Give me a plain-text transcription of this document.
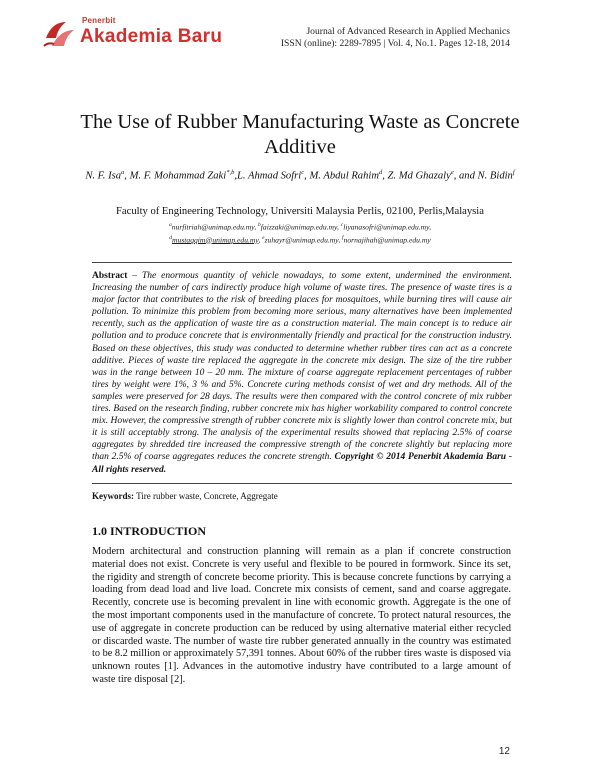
Penerbit
Akademia Baru	Journal of Advanced Research in Applied Mechanics
ISSN (online): 2289-7895 | Vol. 4, No.1. Pages 12-18, 2014
The Use of Rubber Manufacturing Waste as Concrete Additive
N. F. Isa$^a$, M. F. Mohammad Zaki$^{*,b}$,L. Ahmad Sofri$^c$, M. Abdul Rahim$^d$, Z. Md Ghazaly$^e$, and N. Bidin$^f$
Faculty of Engineering Technology, Universiti Malaysia Perlis, 02100, Perlis,Malaysia
$^a$nurfitriah@unimap.edu.my, $^b$faizzaki@unimap.edu.my, $^c$liyanasofri@unimap.edu.my,
$^d$mustaqqim@unimap.edu.my, $^e$zuhayr@unimap.edu.my, $^f$nornajihah@unimap.edu.my
Abstract – The enormous quantity of vehicle nowadays, to some extent, undermined the environment. Increasing the number of cars indirectly produce high volume of waste tires. The presence of waste tires is a major factor that contributes to the risk of breeding places for mosquitoes, while burning tires will cause air pollution. To minimize this problem from becoming more serious, many alternatives have been implemented recently, such as the application of waste tire as a construction material. The main concept is to reduce air pollution and to produce concrete that is environmentally friendly and practical for the construction industry. Based on these objectives, this study was conducted to determine whether rubber tires can act as a concrete additive. Pieces of waste tire replaced the aggregate in the concrete mix design. The size of the tire rubber was in the range between 10 – 20 mm. The mixture of coarse aggregate replacement percentages of rubber tires by weight were 1%, 3 % and 5%. Concrete curing methods consist of wet and dry methods. All of the samples were preserved for 28 days. The results were then compared with the control concrete of mix rubber tires. Based on the research finding, rubber concrete mix has higher workability compared to control concrete mix. However, the compressive strength of rubber concrete mix is slightly lower than control concrete mix, but it is still acceptably strong. The analysis of the experimental results showed that replacing 2.5% of coarse aggregates by shredded tire increased the compressive strength of the concrete slightly but replacing more than 2.5% of coarse aggregates reduces the concrete strength. Copyright © 2014 Penerbit Akademia Baru - All rights reserved.
Keywords: Tire rubber waste, Concrete, Aggregate
1.0 INTRODUCTION
Modern architectural and construction planning will remain as a plan if concrete construction material does not exist. Concrete is very useful and flexible to be poured in formwork. Since its set, the rigidity and strength of concrete become priority. This is because concrete functions by carrying a loading from dead load and live load. Concrete mix consists of cement, sand and coarse aggregate. Recently, concrete use is becoming prevalent in line with economic growth. Aggregate is the one of the most important components used in the manufacture of concrete. To protect natural resources, the use of aggregate in concrete production can be reduced by using alternative material either recycled or discarded waste. The number of waste tire rubber generated annually in the country was estimated to be 8.2 million or approximately 57,391 tonnes. About 60% of the rubber tires waste is disposed via unknown routes [1]. Advances in the automotive industry have contributed to a large amount of waste tire disposal [2].
12
